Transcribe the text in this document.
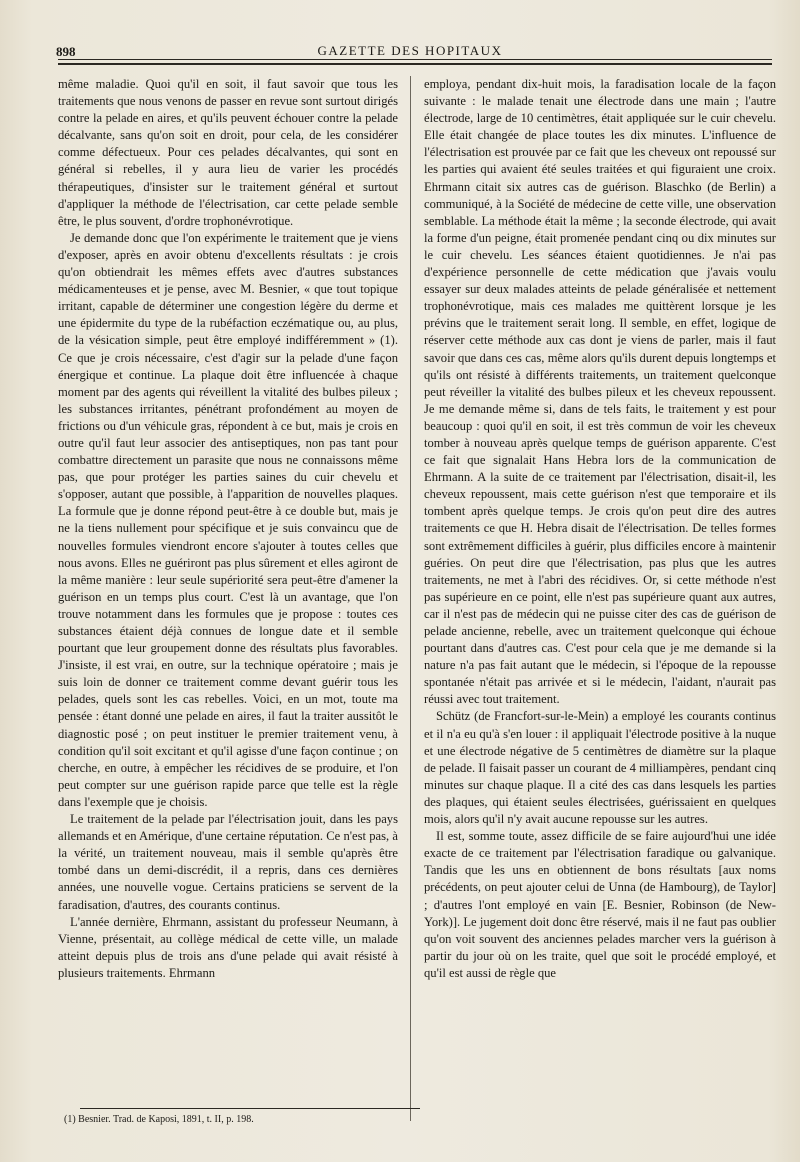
898	GAZETTE DES HOPITAUX

même maladie. Quoi qu'il en soit, il faut savoir que tous les traitements que nous venons de passer en revue sont surtout dirigés contre la pelade en aires, et qu'ils peuvent échouer contre la pelade décalvante, sans qu'on soit en droit, pour cela, de les considérer comme défectueux. Pour ces pelades décalvantes, qui sont en général si rebelles, il y aura lieu de varier les procédés thérapeutiques, d'insister sur le traitement général et surtout d'appliquer la méthode de l'électrisation, car cette pelade semble être, le plus souvent, d'ordre trophonévrotique.

Je demande donc que l'on expérimente le traitement que je viens d'exposer, après en avoir obtenu d'excellents résultats : je crois qu'on obtiendrait les mêmes effets avec d'autres substances médicamenteuses et je pense, avec M. Besnier, « que tout topique irritant, capable de déterminer une congestion légère du derme et une épidermite du type de la rubéfaction eczématique ou, au plus, de la vésication simple, peut être employé indifféremment » (1). Ce que je crois nécessaire, c'est d'agir sur la pelade d'une façon énergique et continue. La plaque doit être influencée à chaque moment par des agents qui réveillent la vitalité des bulbes pileux ; les substances irritantes, pénétrant profondément au moyen de frictions ou d'un véhicule gras, répondent à ce but, mais je crois en outre qu'il faut leur associer des antiseptiques, non pas tant pour combattre directement un parasite que nous ne connaissons même pas, que pour protéger les parties saines du cuir chevelu et s'opposer, autant que possible, à l'apparition de nouvelles plaques. La formule que je donne répond peut-être à ce double but, mais je ne la tiens nullement pour spécifique et je suis convaincu que de nouvelles formules viendront encore s'ajouter à toutes celles que nous avons. Elles ne guériront pas plus sûrement et elles agiront de la même manière : leur seule supériorité sera peut-être d'amener la guérison en un temps plus court. C'est là un avantage, que l'on trouve notamment dans les formules que je propose : toutes ces substances étaient déjà connues de longue date et il semble pourtant que leur groupement donne des résultats plus favorables. J'insiste, il est vrai, en outre, sur la technique opératoire ; mais je suis loin de donner ce traitement comme devant guérir tous les pelades, quels sont les cas rebelles. Voici, en un mot, toute ma pensée : étant donné une pelade en aires, il faut la traiter aussitôt le diagnostic posé ; on peut instituer le premier traitement venu, à condition qu'il soit excitant et qu'il agisse d'une façon continue ; on cherche, en outre, à empêcher les récidives de se produire, et l'on peut compter sur une guérison rapide parce que telle est la règle dans l'exemple que je choisis.

Le traitement de la pelade par l'électrisation jouit, dans les pays allemands et en Amérique, d'une certaine réputation. Ce n'est pas, à la vérité, un traitement nouveau, mais il semble qu'après être tombé dans un demi-discrédit, il a repris, dans ces dernières années, une nouvelle vogue. Certains praticiens se servent de la faradisation, d'autres, des courants continus.

L'année dernière, Ehrmann, assistant du professeur Neumann, à Vienne, présentait, au collège médical de cette ville, un malade atteint depuis plus de trois ans d'une pelade qui avait résisté à plusieurs traitements. Ehrmann

employa, pendant dix-huit mois, la faradisation locale de la façon suivante : le malade tenait une électrode dans une main ; l'autre électrode, large de 10 centimètres, était appliquée sur le cuir chevelu. Elle était changée de place toutes les dix minutes. L'influence de l'électrisation est prouvée par ce fait que les cheveux ont repoussé sur les parties qui avaient été seules traitées et qui figuraient une croix. Ehrmann citait six autres cas de guérison. Blaschko (de Berlin) a communiqué, à la Société de médecine de cette ville, une observation semblable. La méthode était la même ; la seconde électrode, qui avait la forme d'un peigne, était promenée pendant cinq ou dix minutes sur le cuir chevelu. Les séances étaient quotidiennes. Je n'ai pas d'expérience personnelle de cette médication que j'avais voulu essayer sur deux malades atteints de pelade généralisée et nettement trophonévrotique, mais ces malades me quittèrent lorsque je les prévins que le traitement serait long. Il semble, en effet, logique de réserver cette méthode aux cas dont je viens de parler, mais il faut savoir que dans ces cas, même alors qu'ils durent depuis longtemps et qu'ils ont résisté à différents traitements, un traitement quelconque peut réveiller la vitalité des bulbes pileux et les cheveux repoussent. Je me demande même si, dans de tels faits, le traitement y est pour beaucoup : quoi qu'il en soit, il est très commun de voir les cheveux tomber à nouveau après quelque temps de guérison apparente. C'est ce fait que signalait Hans Hebra lors de la communication de Ehrmann. A la suite de ce traitement par l'électrisation, disait-il, les cheveux repoussent, mais cette guérison n'est que temporaire et ils tombent après quelque temps. Je crois qu'on peut dire des autres traitements ce que H. Hebra disait de l'électrisation. De telles formes sont extrêmement difficiles à guérir, plus difficiles encore à maintenir guéries. On peut dire que l'électrisation, pas plus que les autres traitements, ne met à l'abri des récidives. Or, si cette méthode n'est pas supérieure en ce point, elle n'est pas supérieure quant aux autres, car il n'est pas de médecin qui ne puisse citer des cas de guérison de pelade ancienne, rebelle, avec un traitement quelconque qui échoue pourtant dans d'autres cas. C'est pour cela que je me demande si la nature n'a pas fait autant que le médecin, si l'époque de la repousse spontanée n'était pas arrivée et si le médecin, l'aidant, n'aurait pas réussi avec tout traitement.

Schütz (de Francfort-sur-le-Mein) a employé les courants continus et il n'a eu qu'à s'en louer : il appliquait l'électrode positive à la nuque et une électrode négative de 5 centimètres de diamètre sur la plaque de pelade. Il faisait passer un courant de 4 milliampères, pendant cinq minutes sur chaque plaque. Il a cité des cas dans lesquels les parties des plaques, qui étaient seules électrisées, guérissaient en quelques mois, alors qu'il n'y avait aucune repousse sur les autres.

Il est, somme toute, assez difficile de se faire aujourd'hui une idée exacte de ce traitement par l'électrisation faradique ou galvanique. Tandis que les uns en obtiennent de bons résultats [aux noms précédents, on peut ajouter celui de Unna (de Hambourg), de Taylor] ; d'autres l'ont employé en vain [E. Besnier, Robinson (de New-York)]. Le jugement doit donc être réservé, mais il ne faut pas oublier qu'on voit souvent des anciennes pelades marcher vers la guérison à partir du jour où on les traite, quel que soit le procédé employé, et qu'il est aussi de règle que

(1) Besnier. Trad. de Kaposi, 1891, t. II, p. 198.
